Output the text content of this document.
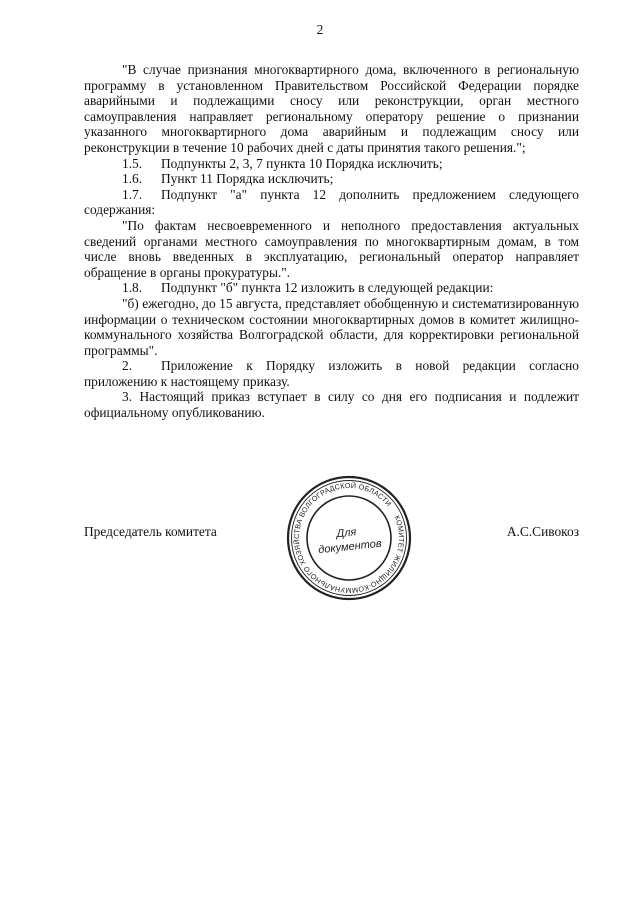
2

"В случае признания многоквартирного дома, включенного в региональную программу в установленном Правительством Российской Федерации порядке аварийными и подлежащими сносу или реконструкции, орган местного самоуправления направляет региональному оператору решение о признании указанного многоквартирного дома аварийным и подлежащим сносу или реконструкции в течение 10 рабочих дней с даты принятия такого решения.";

1.5. Подпункты 2, 3, 7 пункта 10 Порядка исключить;

1.6. Пункт 11 Порядка исключить;

1.7. Подпункт "а" пункта 12 дополнить предложением следующего содержания:

"По фактам несвоевременного и неполного предоставления актуальных сведений органами местного самоуправления по многоквартирным домам, в том числе вновь введенных в эксплуатацию, региональный оператор направляет обращение в органы прокуратуры.".

1.8. Подпункт "б" пункта 12 изложить в следующей редакции:

"б) ежегодно, до 15 августа, представляет обобщенную и систематизированную информации о техническом состоянии многоквартирных домов в комитет жилищно-коммунального хозяйства Волгоградской области, для корректировки региональной программы".

2. Приложение к Порядку изложить в новой редакции согласно приложению к настоящему приказу.

3. Настоящий приказ вступает в силу со дня его подписания и подлежит официальному опубликованию.

Председатель комитета	А.С.Сивокоз
КОМИТЕТ ЖИЛИЩНО-КОММУНАЛЬНОГО ХОЗЯЙСТВА ВОЛГОГРАДСКОЙ ОБЛАСТИ
Для
документов
